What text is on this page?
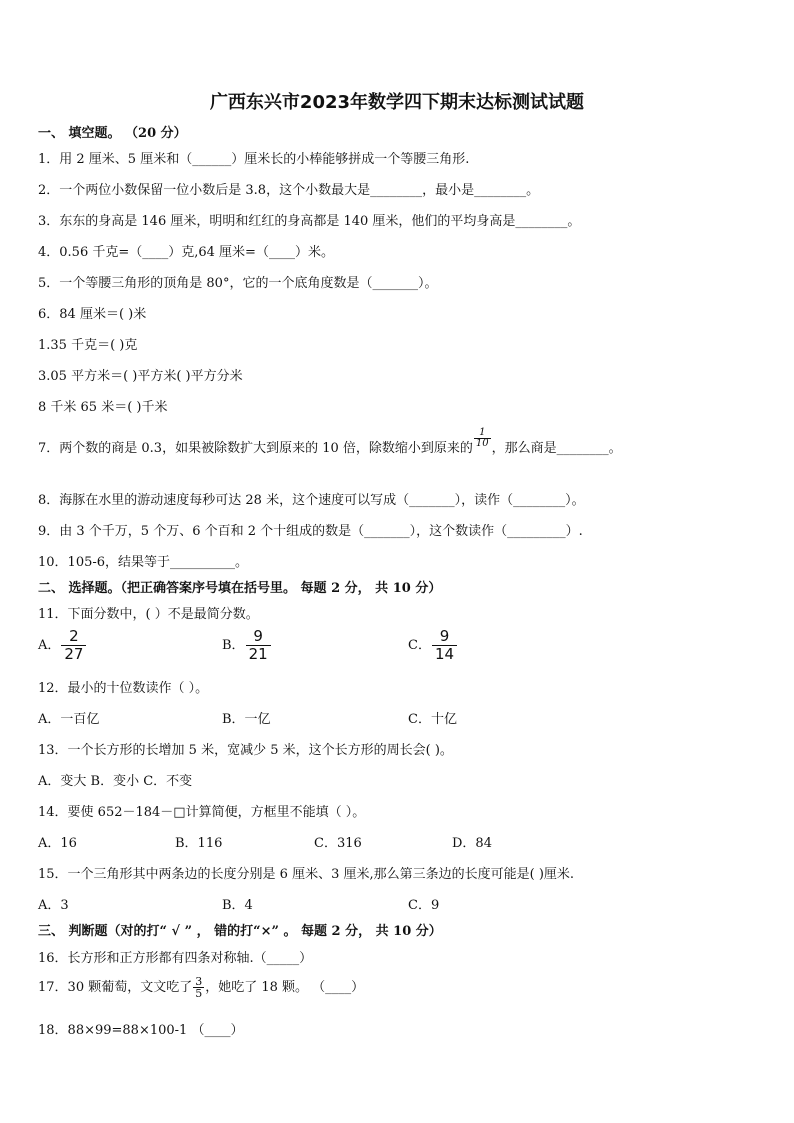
广西东兴市2023年数学四下期末达标测试试题
一、 填空题。 （20 分）
1．用 2 厘米、5 厘米和（______）厘米长的小棒能够拼成一个等腰三角形.
2．一个两位小数保留一位小数后是 3.8，这个小数最大是________，最小是________。
3．东东的身高是 146 厘米，明明和红红的身高都是 140 厘米，他们的平均身高是________。
4．0.56 千克=（____）克,64 厘米=（____）米。
5．一个等腰三角形的顶角是 80°，它的一个底角度数是（_______）。
6．84 厘米＝( )米
1.35 千克＝( )克
3.05 平方米＝( )平方米( )平方分米
8 千米 65 米＝( )千米
7．两个数的商是 0.3，如果被除数扩大到原来的 10 倍，除数缩小到原来的 $\frac{1}{10}$ ，那么商是________。
8．海豚在水里的游动速度每秒可达 28 米，这个速度可以写成（_______），读作（________）。
9．由 3 个千万，5 个万、6 个百和 2 个十组成的数是（_______），这个数读作（_________）.
10．105-6，结果等于__________。
二、 选择题。（把正确答案序号填在括号里。 每题 2 分， 共 10 分）
11．下面分数中，( ）不是最简分数。
A． $\frac{2}{27}$	B． $\frac{9}{21}$	C． $\frac{9}{14}$
12．最小的十位数读作（ ）。
A．一百亿	B．一亿	C．十亿
13．一个长方形的长增加 5 米，宽减少 5 米，这个长方形的周长会( )。
A．变大 B．变小 C．不变
14．要使 652－184－□计算简便，方框里不能填（ ）。
A．16	B．116	C．316	D．84
15．一个三角形其中两条边的长度分别是 6 厘米、3 厘米,那么第三条边的长度可能是( )厘米.
A．3	B．4	C．9
三、 判断题（对的打“ √ ” ， 错的打“×” 。 每题 2 分， 共 10 分）
16．长方形和正方形都有四条对称轴.（_____）
17．30 颗葡萄，文文吃了 $\frac{3}{5}$ ，她吃了 18 颗。 （____）
18．88×99=88×100-1 （____）
